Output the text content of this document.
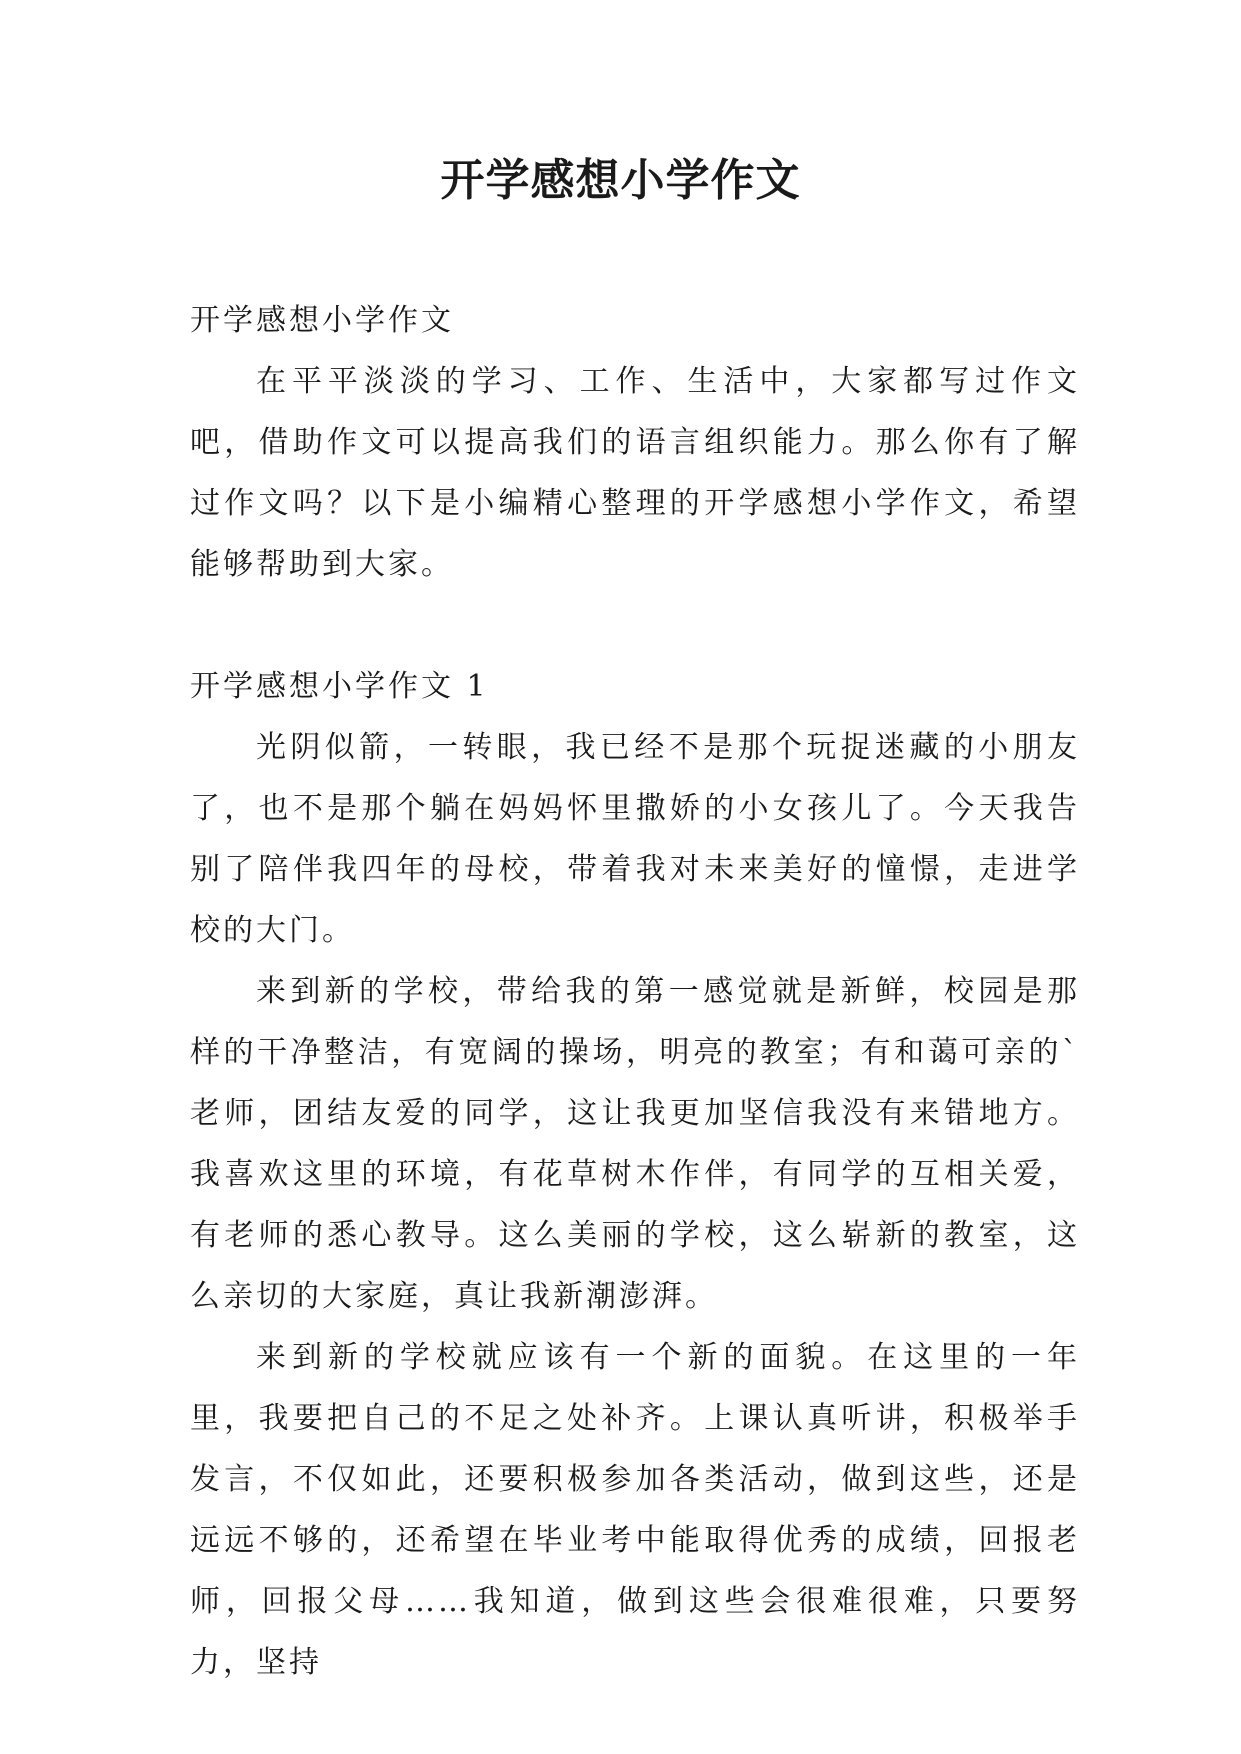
开学感想小学作文

开学感想小学作文

在平平淡淡的学习、工作、生活中，大家都写过作文吧，借助作文可以提高我们的语言组织能力。那么你有了解过作文吗？以下是小编精心整理的开学感想小学作文，希望能够帮助到大家。

开学感想小学作文 1

光阴似箭，一转眼，我已经不是那个玩捉迷藏的小朋友了，也不是那个躺在妈妈怀里撒娇的小女孩儿了。今天我告别了陪伴我四年的母校，带着我对未来美好的憧憬，走进学校的大门。

来到新的学校，带给我的第一感觉就是新鲜，校园是那样的干净整洁，有宽阔的操场，明亮的教室；有和蔼可亲的`老师，团结友爱的同学，这让我更加坚信我没有来错地方。我喜欢这里的环境，有花草树木作伴，有同学的互相关爱，有老师的悉心教导。这么美丽的学校，这么崭新的教室，这么亲切的大家庭，真让我新潮澎湃。

来到新的学校就应该有一个新的面貌。在这里的一年里，我要把自己的不足之处补齐。上课认真听讲，积极举手发言，不仅如此，还要积极参加各类活动，做到这些，还是远远不够的，还希望在毕业考中能取得优秀的成绩，回报老师，回报父母……我知道，做到这些会很难很难，只要努力，坚持
